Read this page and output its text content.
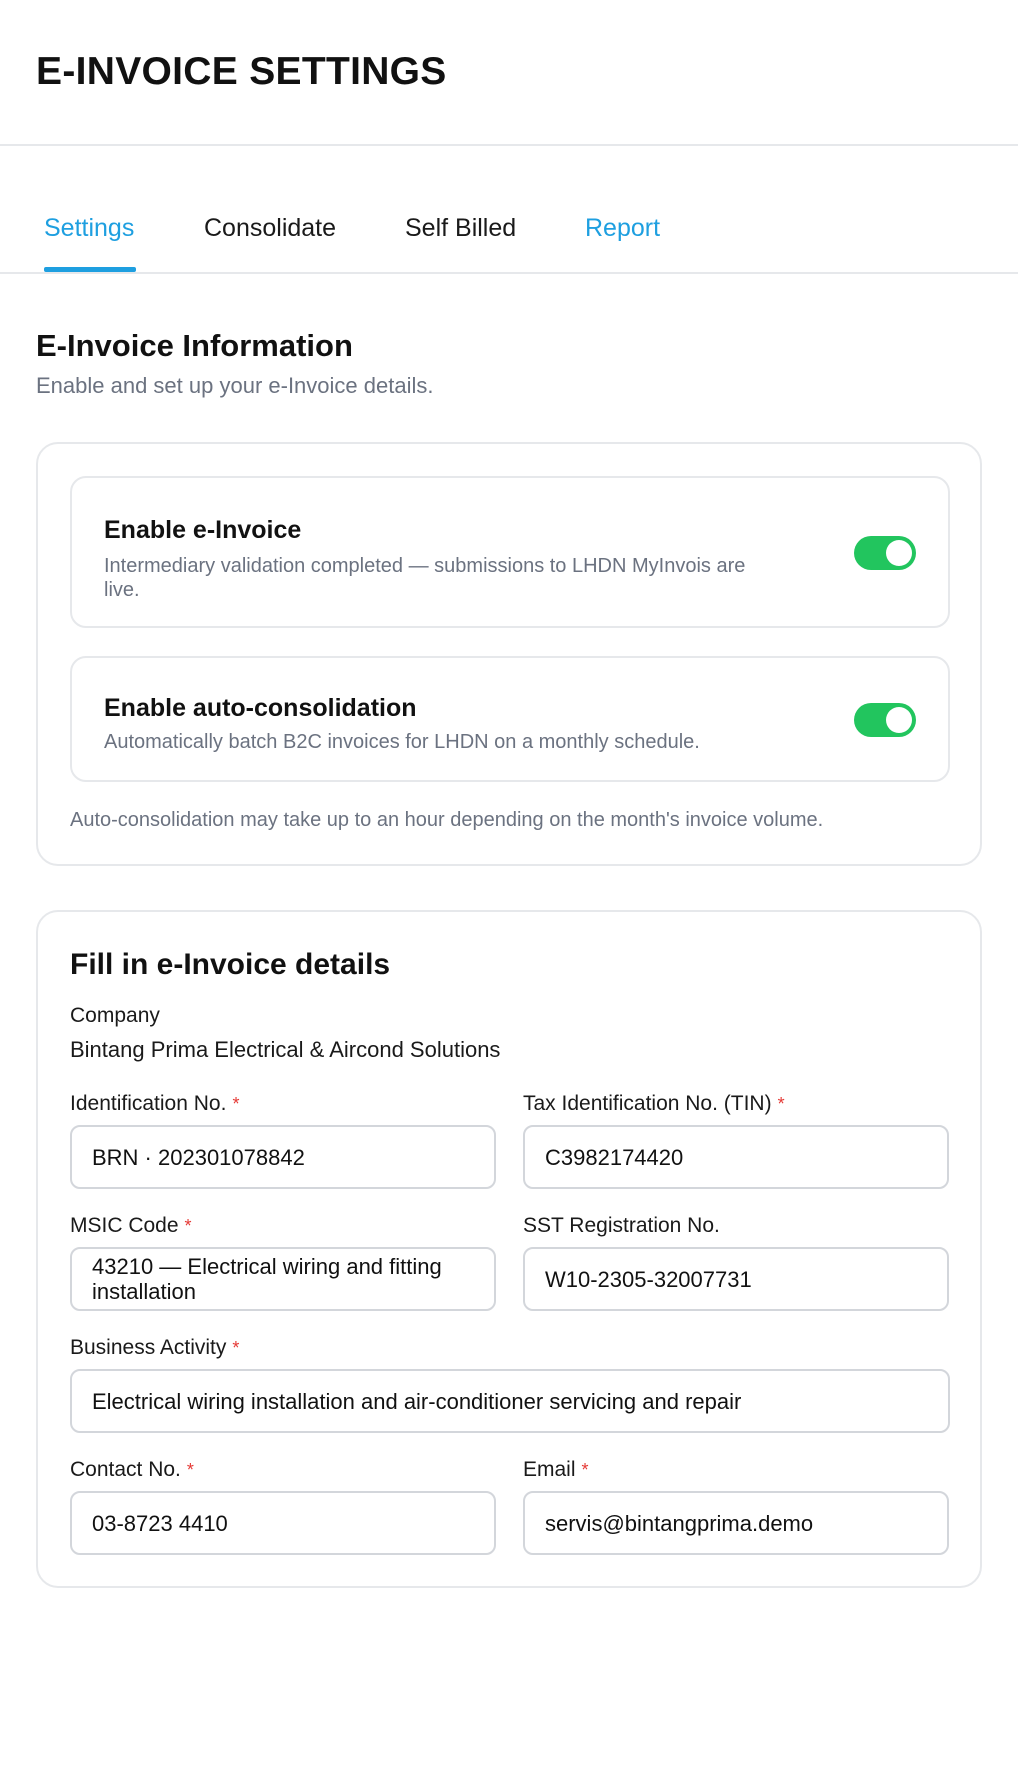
E-INVOICE SETTINGS
Settings	Consolidate	Self Billed	Report
E-Invoice Information

Enable and set up your e-Invoice details.

Enable e-Invoice
Intermediary validation completed — submissions to LHDN MyInvois are live.
Enable auto-consolidation
Automatically batch B2C invoices for LHDN on a monthly schedule.
Auto-consolidation may take up to an hour depending on the month's invoice volume.
Fill in e-Invoice details
Company
Bintang Prima Electrical & Aircond Solutions
Identification No. *	Tax Identification No. (TIN) *
BRN · 202301078842	C3982174420
MSIC Code *	SST Registration No.
43210 — Electrical wiring and fitting installation	W10-2305-32007731
Business Activity *
Electrical wiring installation and air-conditioner servicing and repair
Contact No. *	Email *
03-8723 4410	servis@bintangprima.demo
